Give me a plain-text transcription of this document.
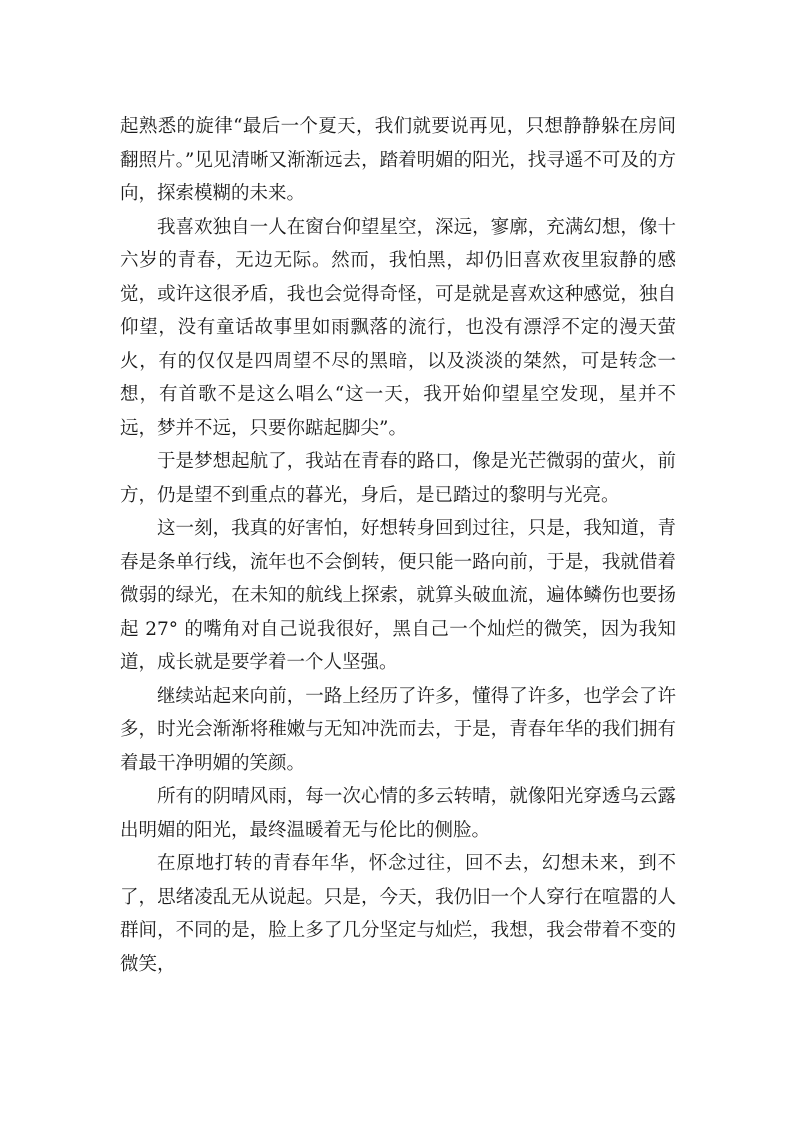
起熟悉的旋律“最后一个夏天，我们就要说再见，只想静静躲在房间翻照片。”见见清晰又渐渐远去，踏着明媚的阳光，找寻遥不可及的方向，探索模糊的未来。

我喜欢独自一人在窗台仰望星空，深远，寥廓，充满幻想，像十六岁的青春，无边无际。然而，我怕黑，却仍旧喜欢夜里寂静的感觉，或许这很矛盾，我也会觉得奇怪，可是就是喜欢这种感觉，独自仰望，没有童话故事里如雨飘落的流行，也没有漂浮不定的漫天萤火，有的仅仅是四周望不尽的黑暗，以及淡淡的桀然，可是转念一想，有首歌不是这么唱么“这一天，我开始仰望星空发现，星并不远，梦并不远，只要你踮起脚尖”。

于是梦想起航了，我站在青春的路口，像是光芒微弱的萤火，前方，仍是望不到重点的暮光，身后，是已踏过的黎明与光亮。

这一刻，我真的好害怕，好想转身回到过往，只是，我知道，青春是条单行线，流年也不会倒转，便只能一路向前，于是，我就借着微弱的绿光，在未知的航线上探索，就算头破血流，遍体鳞伤也要扬起 27° 的嘴角对自己说我很好，黑自己一个灿烂的微笑，因为我知道，成长就是要学着一个人坚强。

继续站起来向前，一路上经历了许多，懂得了许多，也学会了许多，时光会渐渐将稚嫩与无知冲洗而去，于是，青春年华的我们拥有着最干净明媚的笑颜。

所有的阴晴风雨，每一次心情的多云转晴，就像阳光穿透乌云露出明媚的阳光，最终温暖着无与伦比的侧脸。

在原地打转的青春年华，怀念过往，回不去，幻想未来，到不了，思绪凌乱无从说起。只是，今天，我仍旧一个人穿行在喧嚣的人群间，不同的是，脸上多了几分坚定与灿烂，我想，我会带着不变的微笑，
